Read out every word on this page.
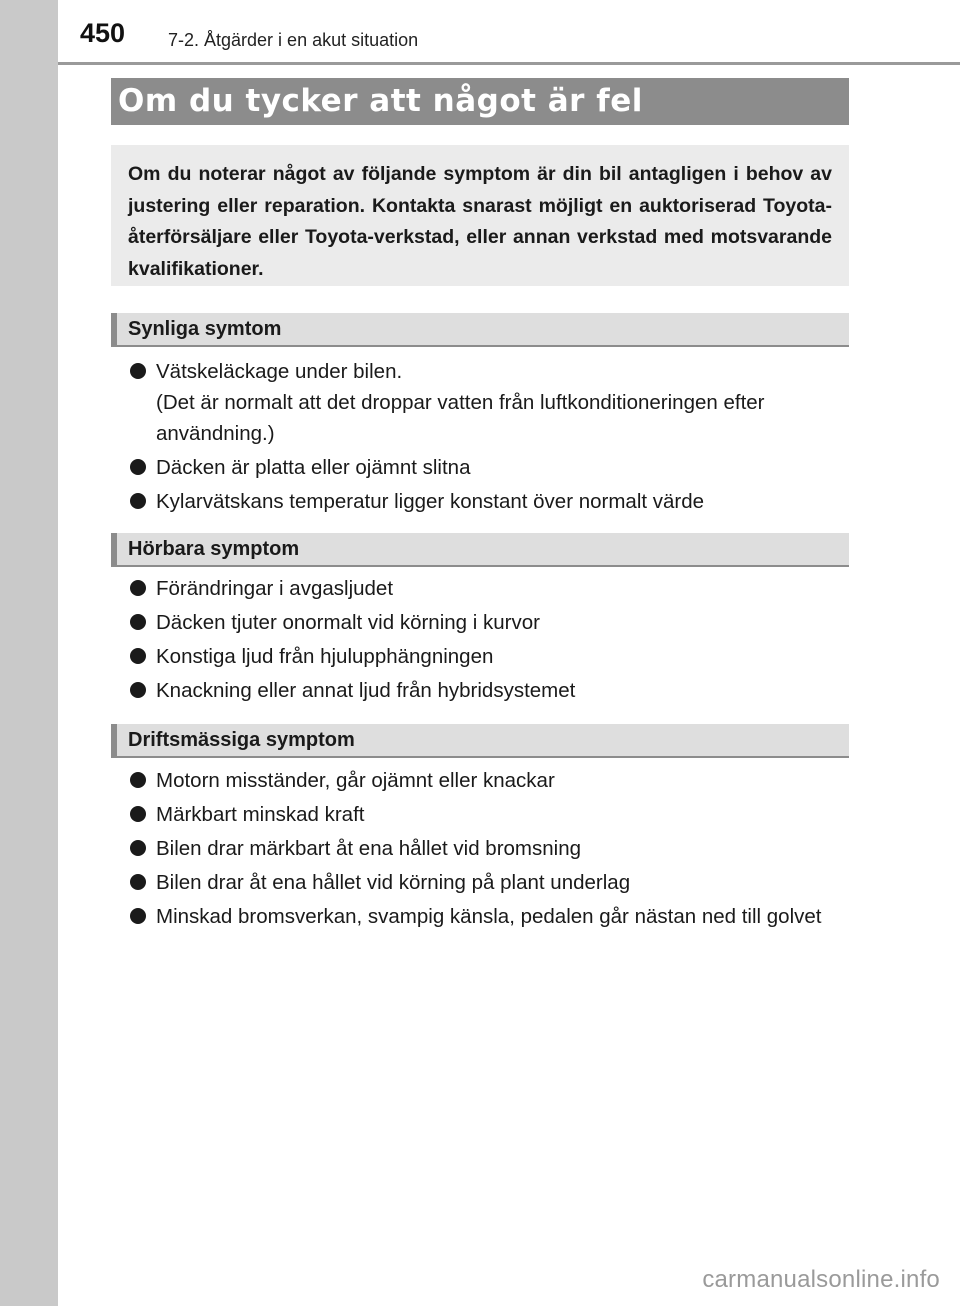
450 7-2. Åtgärder i en akut situation
Om du tycker att något är fel
Om du noterar något av följande symptom är din bil antagligen i behov av justering eller reparation. Kontakta snarast möjligt en auktoriserad Toyota-återförsäljare eller Toyota-verkstad, eller annan verkstad med motsvarande kvalifikationer.
Synliga symtom
Vätskeläckage under bilen.
(Det är normalt att det droppar vatten från luftkonditioneringen efter användning.)
Däcken är platta eller ojämnt slitna
Kylarvätskans temperatur ligger konstant över normalt värde
Hörbara symptom
Förändringar i avgasljudet
Däcken tjuter onormalt vid körning i kurvor
Konstiga ljud från hjulupphängningen
Knackning eller annat ljud från hybridsystemet
Driftsmässiga symptom
Motorn misständer, går ojämnt eller knackar
Märkbart minskad kraft
Bilen drar märkbart åt ena hållet vid bromsning
Bilen drar åt ena hållet vid körning på plant underlag
Minskad bromsverkan, svampig känsla, pedalen går nästan ned till golvet
carmanualsonline.info
